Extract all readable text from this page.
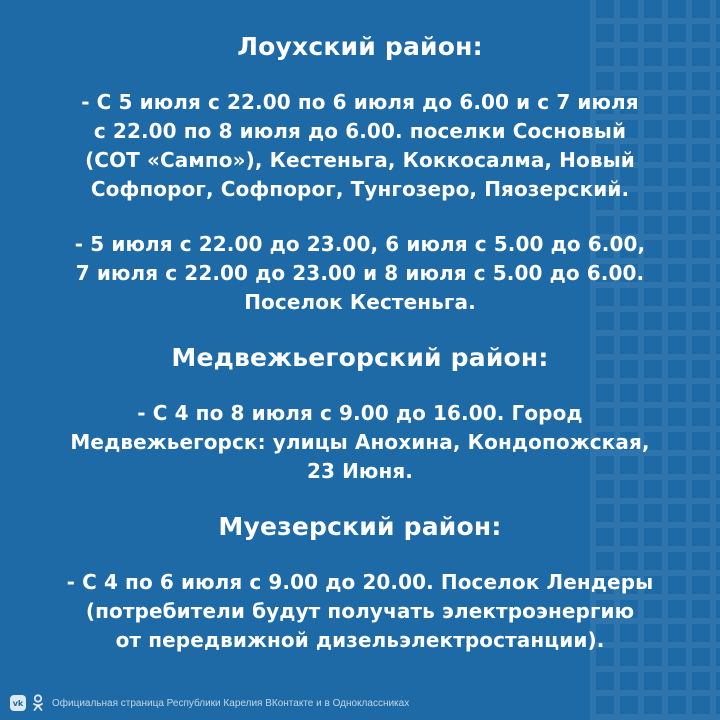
Лоухский район:

- С 5 июля с 22.00 по 6 июля до 6.00 и с 7 июля

с 22.00 по 8 июля до 6.00. поселки Сосновый

(СОТ «Сампо»), Кестеньга, Коккосалма, Новый

Софпорог, Софпорог, Тунгозеро, Пяозерский.

- 5 июля с 22.00 до 23.00, 6 июля с 5.00 до 6.00,

7 июля с 22.00 до 23.00 и 8 июля с 5.00 до 6.00.

Поселок Кестеньга.

Медвежьегорский район:

- С 4 по 8 июля с 9.00 до 16.00. Город

Медвежьегорск: улицы Анохина, Кондопожская,

23 Июня.

Муезерский район:

- С 4 по 6 июля с 9.00 до 20.00. Поселок Лендеры

(потребители будут получать электроэнергию

от передвижной дизельэлектростанции).

vk	Официальная страница Республики Карелия ВКонтакте и в Одноклассниках
